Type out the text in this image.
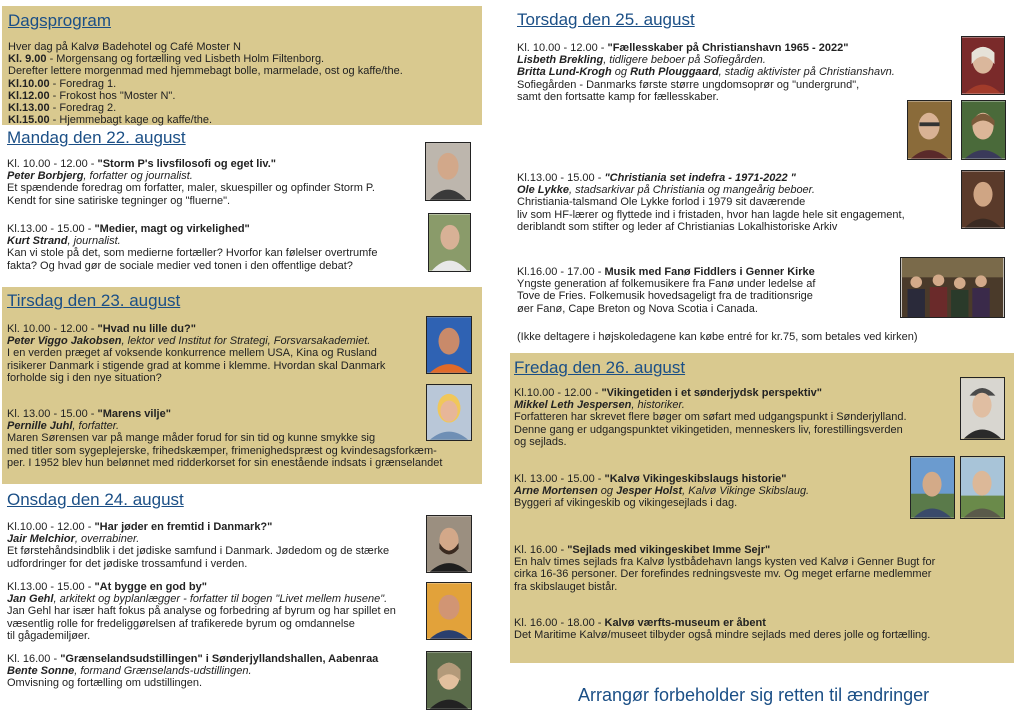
Dagsprogram

Hver dag på Kalvø Badehotel og Café Moster N

Kl. 9.00 - Morgensang og fortælling ved Lisbeth Holm Filtenborg.

Derefter lettere morgenmad med hjemmebagt bolle, marmelade, ost og kaffe/the.

Kl.10.00 - Foredrag 1.

Kl.12.00 - Frokost hos "Moster N".

Kl.13.00 - Foredrag 2.

Kl.15.00 - Hjemmebagt kage og kaffe/the.

Mandag den 22. august

Kl. 10.00 - 12.00 - "Storm P's livsfilosofi og eget liv."

Peter Borbjerg, forfatter og journalist.

Et spændende foredrag om forfatter, maler, skuespiller og opfinder Storm P.

Kendt for sine satiriske tegninger og "fluerne".

Kl.13.00 - 15.00 - "Medier, magt og virkelighed"

Kurt Strand, journalist.

Kan vi stole på det, som medierne fortæller? Hvorfor kan følelser overtrumfe

fakta? Og hvad gør de sociale medier ved tonen i den offentlige debat?

Tirsdag den 23. august

Kl. 10.00 - 12.00 - "Hvad nu lille du?"

Peter Viggo Jakobsen, lektor ved Institut for Strategi, Forsvarsakademiet.

I en verden præget af voksende konkurrence mellem USA, Kina og Rusland

risikerer Danmark i stigende grad at komme i klemme. Hvordan skal Danmark

forholde sig i den nye situation?

Kl. 13.00 - 15.00 - "Marens vilje"

Pernille Juhl, forfatter.

Maren Sørensen var på mange måder forud for sin tid og kunne smykke sig

med titler som sygeplejerske, frihedskæmper, frimenighedspræst og kvindesagsforkæm-

per. I 1952 blev hun belønnet med ridderkorset for sin enestående indsats i grænselandet

Onsdag den 24. august

Kl.10.00 - 12.00 - "Har jøder en fremtid i Danmark?"

Jair Melchior, overrabiner.

Et førstehåndsindblik i det jødiske samfund i Danmark. Jødedom og de stærke

udfordringer for det jødiske trossamfund i verden.

Kl.13.00 - 15.00 - "At bygge en god by"

Jan Gehl, arkitekt og byplanlægger - forfatter til bogen "Livet mellem husene".

Jan Gehl har især haft fokus på analyse og forbedring af byrum og har spillet en

væsentlig rolle for fredeliggørelsen af trafikerede byrum og omdannelse

til gågademiljøer.

Kl. 16.00 - "Grænselandsudstillingen" i Sønderjyllandshallen, Aabenraa

Bente Sonne, formand Grænselands-udstillingen.

Omvisning og fortælling om udstillingen.

Torsdag den 25. august

Kl. 10.00 - 12.00 - "Fællesskaber på Christianshavn 1965 - 2022"

Lisbeth Brekling, tidligere beboer på Sofiegården.

Britta Lund-Krogh og Ruth Plouggaard, stadig aktivister på Christianshavn.

Sofiegården - Danmarks første større ungdomsoprør og "undergrund",

samt den fortsatte kamp for fællesskaber.

Kl.13.00 - 15.00 - "Christiania set indefra - 1971-2022 "

Ole Lykke, stadsarkivar på Christiania og mangeårig beboer.

Christiania-talsmand Ole Lykke forlod i 1979 sit daværende

liv som HF-lærer og flyttede ind i fristaden, hvor han lagde hele sit engagement,

deriblandt som stifter og leder af Christianias Lokalhistoriske Arkiv

Kl.16.00 - 17.00 - Musik med Fanø Fiddlers i Genner Kirke

Yngste generation af folkemusikere fra Fanø under ledelse af

Tove de Fries. Folkemusik hovedsageligt fra de traditionsrige

øer Fanø, Cape Breton og Nova Scotia i Canada.

(Ikke deltagere i højskoledagene kan købe entré for kr.75, som betales ved kirken)

Fredag den 26. august

Kl.10.00 - 12.00 - "Vikingetiden i et sønderjydsk perspektiv"

Mikkel Leth Jespersen, historiker.

Forfatteren har skrevet flere bøger om søfart med udgangspunkt i Sønderjylland.

Denne gang er udgangspunktet vikingetiden, menneskers liv, forestillingsverden

og sejlads.

Kl. 13.00 - 15.00 - "Kalvø Vikingeskibslaugs historie"

Arne Mortensen og Jesper Holst, Kalvø Vikinge Skibslaug.

Byggeri af vikingeskib og vikingesejlads i dag.

Kl. 16.00 - "Sejlads med vikingeskibet Imme Sejr"

En halv times sejlads fra Kalvø lystbådehavn langs kysten ved Kalvø i Genner Bugt for

cirka 16-36 personer. Der forefindes redningsveste mv. Og meget erfarne medlemmer

fra skibslauget bistår.

Kl. 16.00 - 18.00 - Kalvø værfts-museum er åbent

Det Maritime Kalvø/museet tilbyder også mindre sejlads med deres jolle og fortælling.

Arrangør forbeholder sig retten til ændringer
